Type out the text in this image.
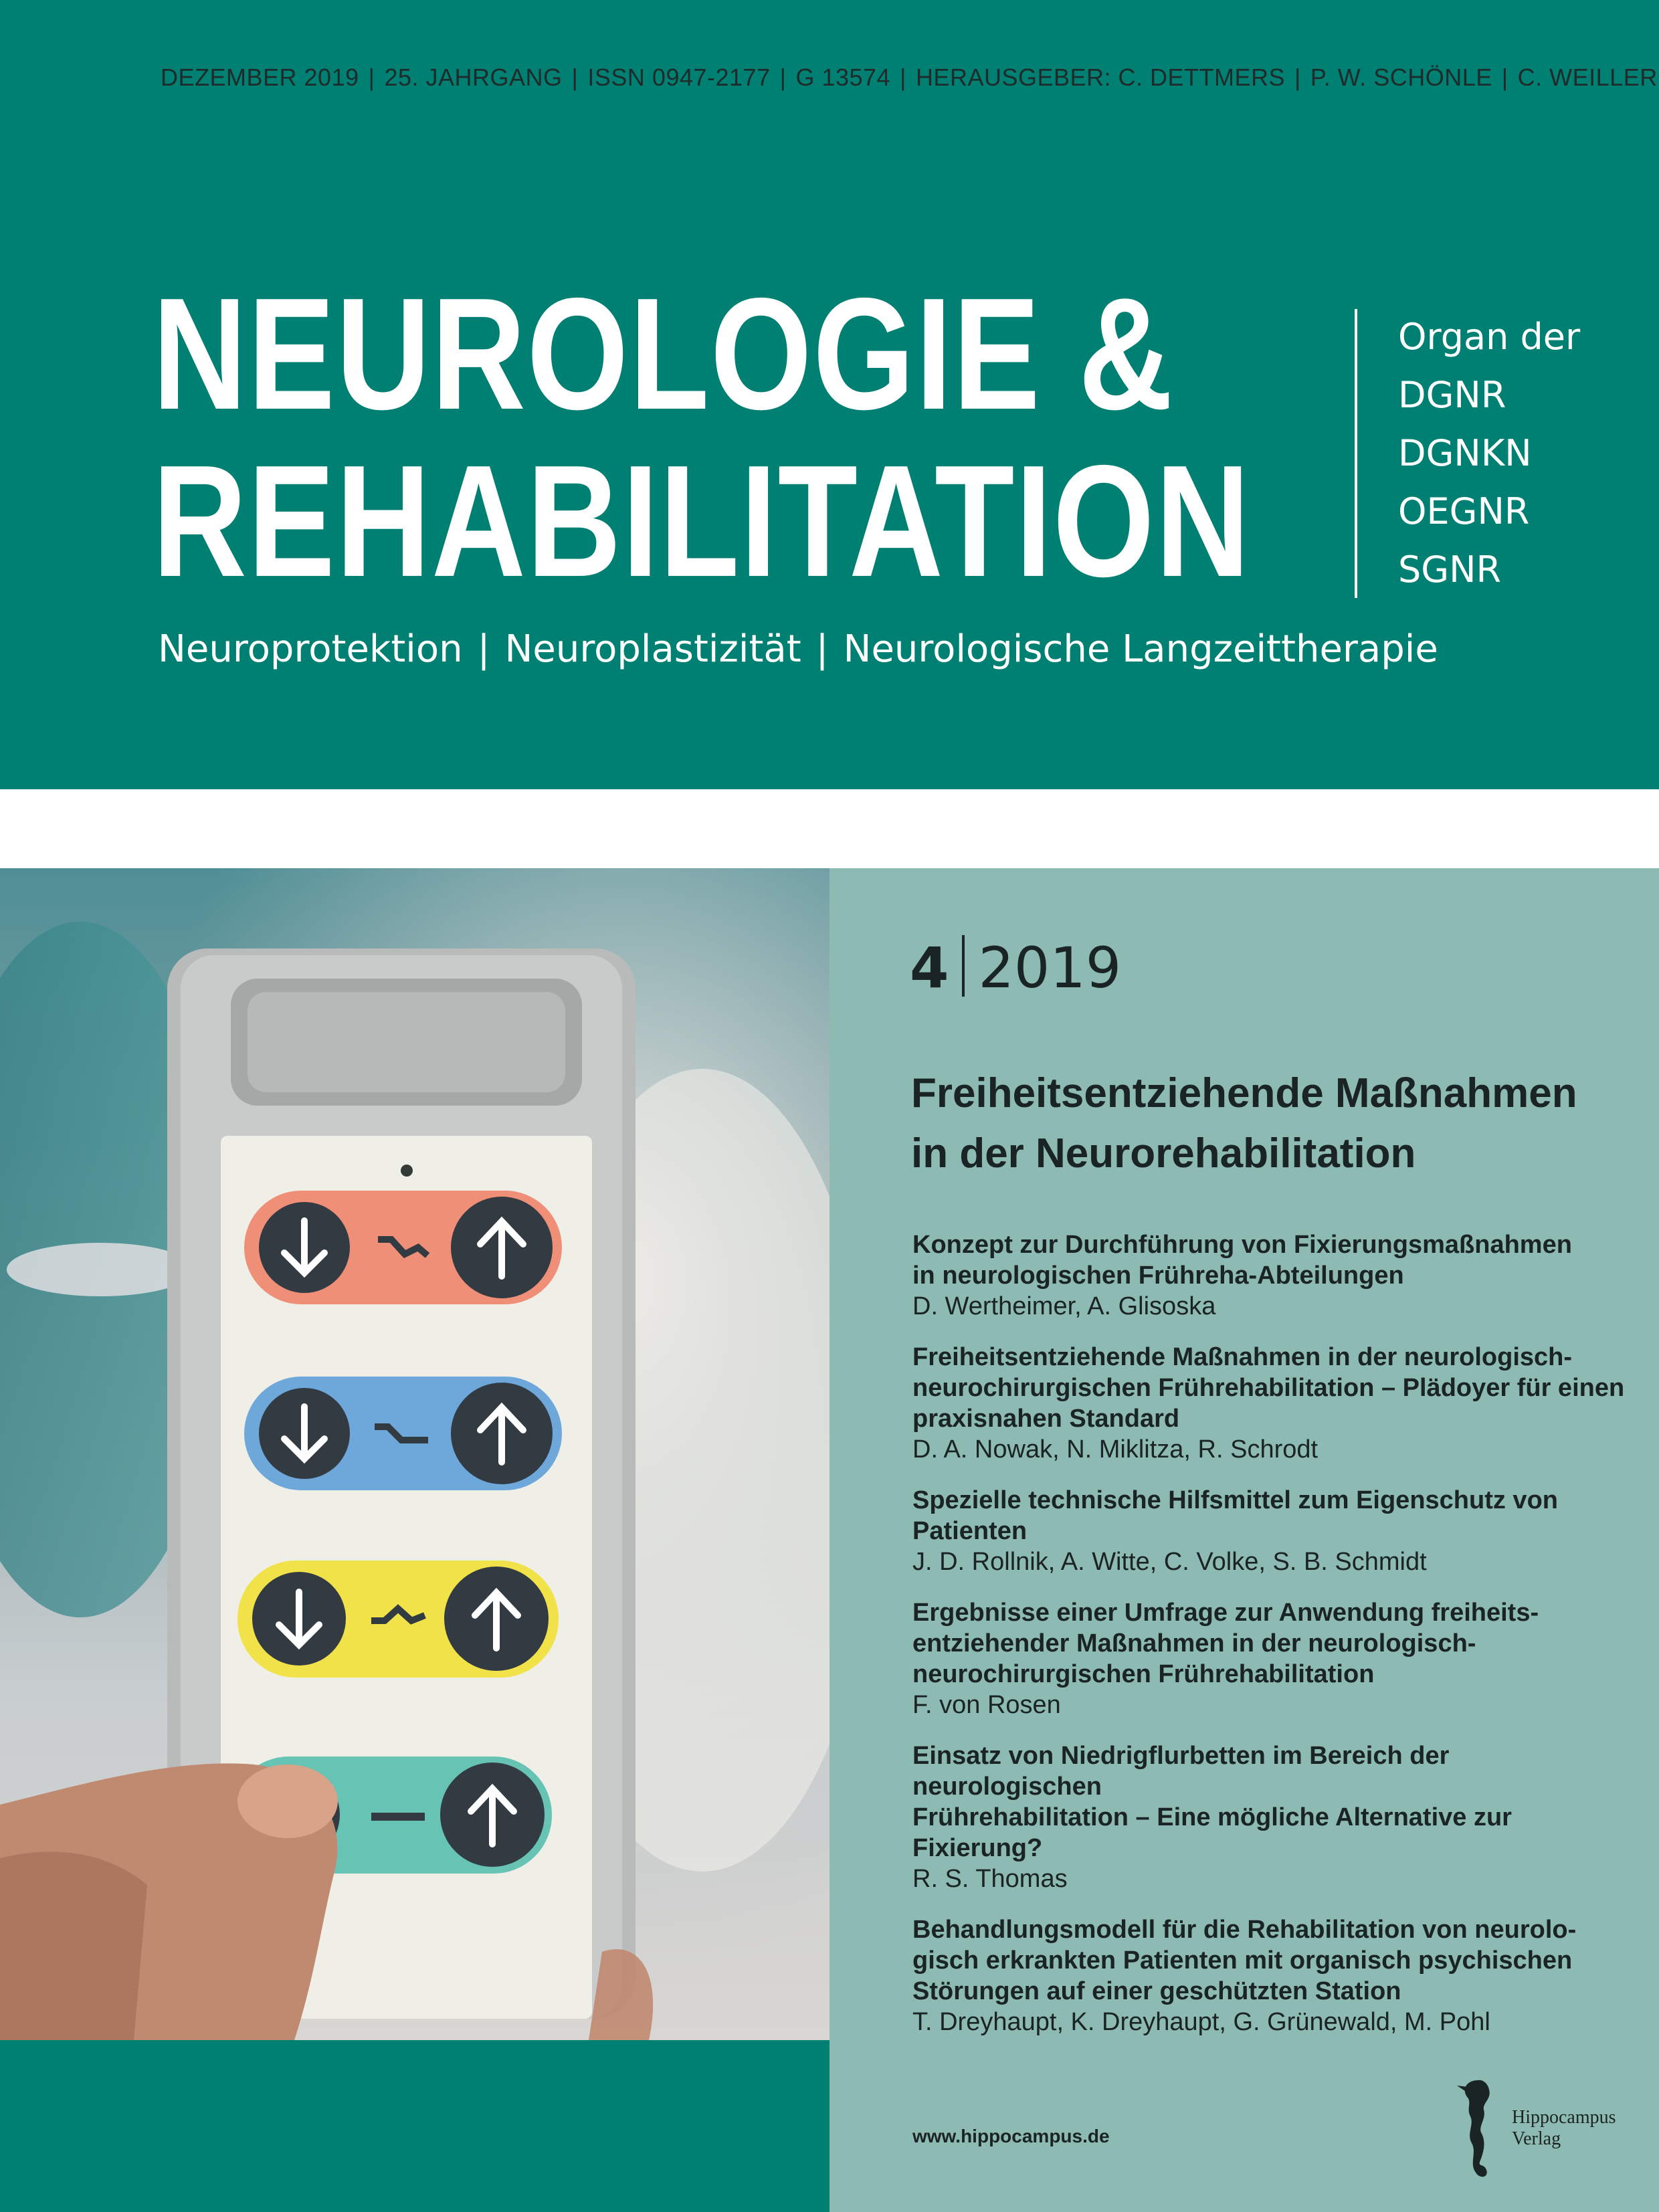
DEZEMBER 2019 | 25. JAHRGANG | ISSN 0947-2177 | G 13574 | HERAUSGEBER: C. DETTMERS | P. W. SCHÖNLE | C. WEILLER
NEUROLOGIE &
REHABILITATION
Neuroprotektion | Neuroplastizität | Neurologische Langzeittherapie
Organ der
DGNR
DGNKN
OEGNR
SGNR
4 2019
Freiheitsentziehende Maßnahmen in der Neurorehabilitation
Konzept zur Durchführung von Fixierungsmaßnahmen
in neurologischen Frühreha-Abteilungen
D. Wertheimer, A. Glisoska
Freiheitsentziehende Maßnahmen in der neurologisch-
neurochirurgischen Frührehabilitation – Plädoyer für einen
praxisnahen Standard
D. A. Nowak, N. Miklitza, R. Schrodt
Spezielle technische Hilfsmittel zum Eigenschutz von
Patienten
J. D. Rollnik, A. Witte, C. Volke, S. B. Schmidt
Ergebnisse einer Umfrage zur Anwendung freiheits-
entziehender Maßnahmen in der neurologisch-
neurochirurgischen Frührehabilitation
F. von Rosen
Einsatz von Niedrigflurbetten im Bereich der neurologischen
Frührehabilitation – Eine mögliche Alternative zur Fixierung?
R. S. Thomas
Behandlungsmodell für die Rehabilitation von neurolo-
gisch erkrankten Patienten mit organisch psychischen
Störungen auf einer geschützten Station
T. Dreyhaupt, K. Dreyhaupt, G. Grünewald, M. Pohl
www.hippocampus.de
Hippocampus
Verlag
